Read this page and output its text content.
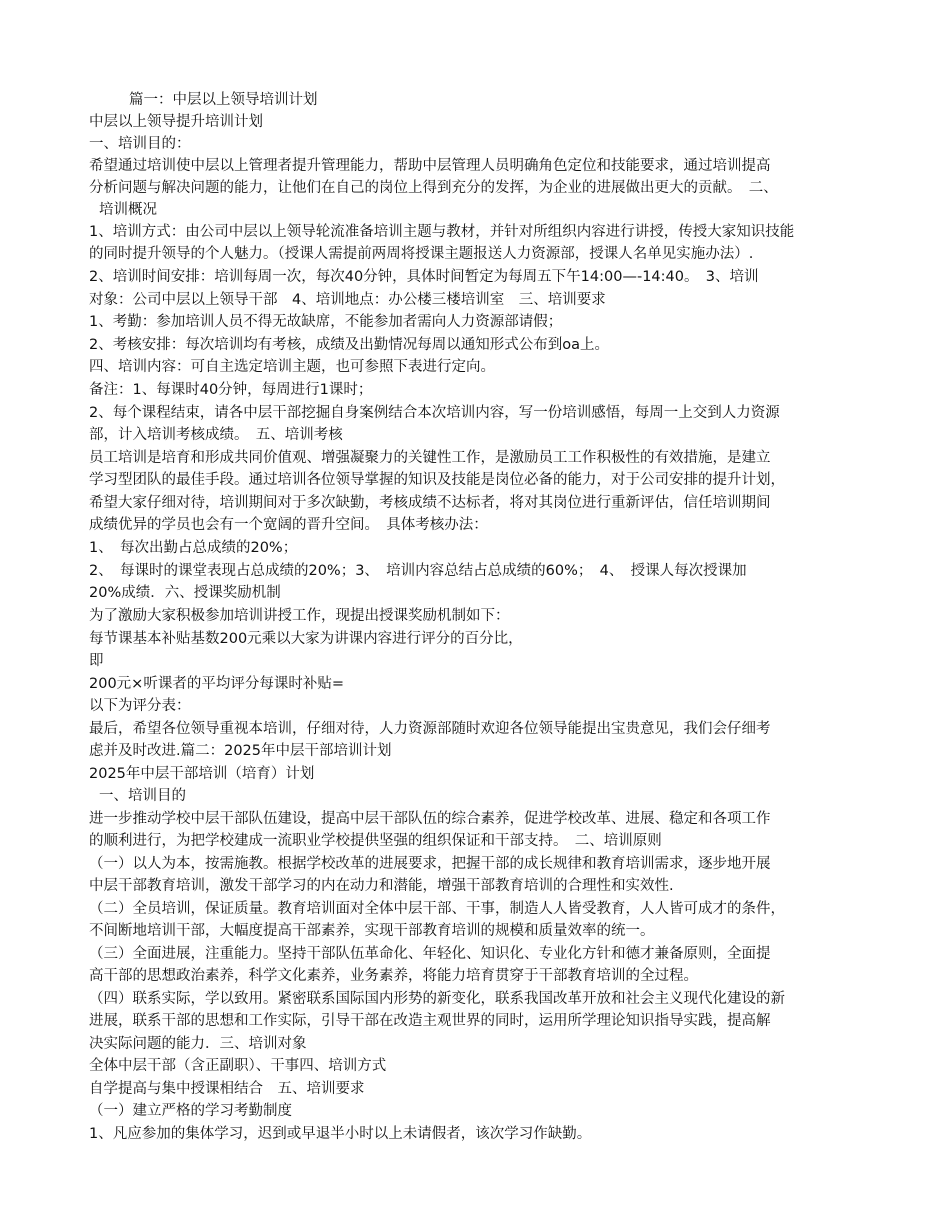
篇一：中层以上领导培训计划
中层以上领导提升培训计划
一、培训目的：
希望通过培训使中层以上管理者提升管理能力，帮助中层管理人员明确角色定位和技能要求，通过培训提高
分析问题与解决问题的能力，让他们在自己的岗位上得到充分的发挥，为企业的进展做出更大的贡献。　二、
培训概况
1、培训方式：由公司中层以上领导轮流准备培训主题与教材，并针对所组织内容进行讲授，传授大家知识技能
的同时提升领导的个人魅力。（授课人需提前两周将授课主题报送人力资源部，授课人名单见实施办法）.
2、培训时间安排：培训每周一次，每次40分钟，具体时间暂定为每周五下午14:00—-14:40。　3、培训
对象：公司中层以上领导干部　4、培训地点：办公楼三楼培训室　三、培训要求
1、考勤：参加培训人员不得无故缺席，不能参加者需向人力资源部请假；
2、考核安排：每次培训均有考核，成绩及出勤情况每周以通知形式公布到oa上。
四、培训内容：可自主选定培训主题，也可参照下表进行定向。
备注：1、每课时40分钟，每周进行1课时；
2、每个课程结束，请各中层干部挖掘自身案例结合本次培训内容，写一份培训感悟，每周一上交到人力资源
部，计入培训考核成绩。　五、培训考核
员工培训是培育和形成共同价值观、增强凝聚力的关键性工作，是激励员工工作积极性的有效措施，是建立
学习型团队的最佳手段。通过培训各位领导掌握的知识及技能是岗位必备的能力，对于公司安排的提升计划，
希望大家仔细对待，培训期间对于多次缺勤，考核成绩不达标者，将对其岗位进行重新评估，信任培训期间
成绩优异的学员也会有一个宽阔的晋升空间。　具体考核办法：
1、　每次出勤占总成绩的20%；
2、　每课时的课堂表现占总成绩的20%；3、　培训内容总结占总成绩的60%；　4、　授课人每次授课加
20%成绩．六、授课奖励机制
为了激励大家积极参加培训讲授工作，现提出授课奖励机制如下：
每节课基本补贴基数200元乘以大家为讲课内容进行评分的百分比，
即
200元×听课者的平均评分每课时补贴=
以下为评分表：
最后，希望各位领导重视本培训，仔细对待，人力资源部随时欢迎各位领导能提出宝贵意见，我们会仔细考
虑并及时改进.篇二：2025年中层干部培训计划
2025年中层干部培训（培育）计划
一、培训目的
进一步推动学校中层干部队伍建设，提高中层干部队伍的综合素养，促进学校改革、进展、稳定和各项工作
的顺利进行，为把学校建成一流职业学校提供坚强的组织保证和干部支持。　二、培训原则
（一）以人为本，按需施教。根据学校改革的进展要求，把握干部的成长规律和教育培训需求，逐步地开展
中层干部教育培训，激发干部学习的内在动力和潜能，增强干部教育培训的合理性和实效性.
（二）全员培训，保证质量。教育培训面对全体中层干部、干事，制造人人皆受教育，人人皆可成才的条件，
不间断地培训干部，大幅度提高干部素养，实现干部教育培训的规模和质量效率的统一。
（三）全面进展，注重能力。坚持干部队伍革命化、年轻化、知识化、专业化方针和德才兼备原则，全面提
高干部的思想政治素养，科学文化素养，业务素养，将能力培育贯穿于干部教育培训的全过程。
（四）联系实际，学以致用。紧密联系国际国内形势的新变化，联系我国改革开放和社会主义现代化建设的新
进展，联系干部的思想和工作实际，引导干部在改造主观世界的同时，运用所学理论知识指导实践，提高解
决实际问题的能力．三、培训对象
全体中层干部（含正副职）、干事四、培训方式
自学提高与集中授课相结合　五、培训要求
（一）建立严格的学习考勤制度
1、凡应参加的集体学习，迟到或早退半小时以上未请假者，该次学习作缺勤。
